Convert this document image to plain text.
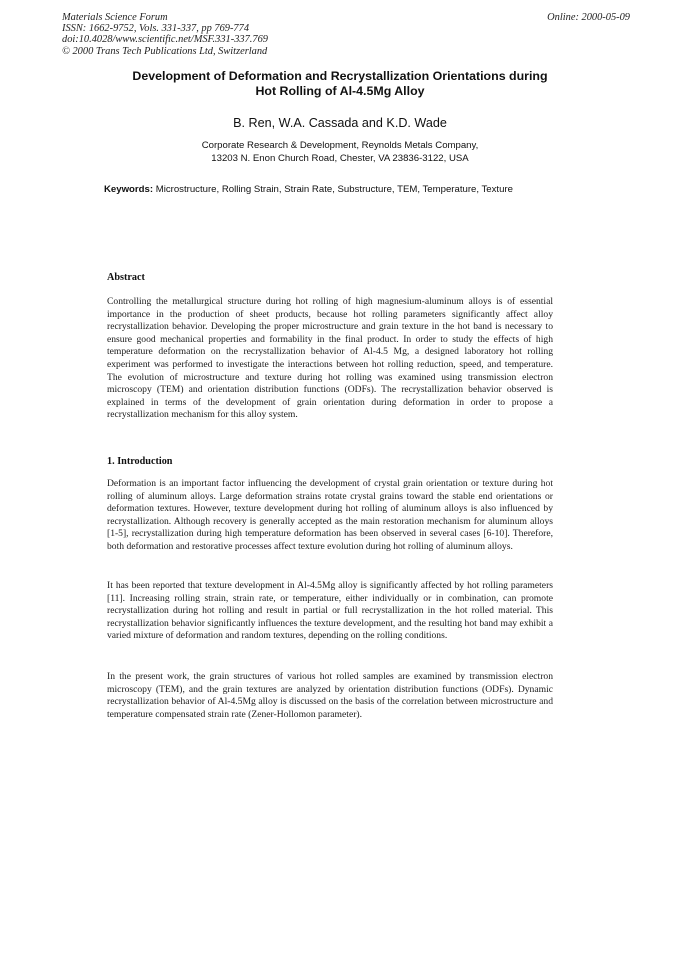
Materials Science Forum
ISSN: 1662-9752, Vols. 331-337, pp 769-774
doi:10.4028/www.scientific.net/MSF.331-337.769
© 2000 Trans Tech Publications Ltd, Switzerland
Online: 2000-05-09
Development of Deformation and Recrystallization Orientations during
Hot Rolling of Al-4.5Mg Alloy
B. Ren, W.A. Cassada and K.D. Wade
Corporate Research & Development, Reynolds Metals Company,
13203 N. Enon Church Road, Chester, VA 23836-3122, USA
Keywords: Microstructure, Rolling Strain, Strain Rate, Substructure, TEM, Temperature, Texture
Abstract
Controlling the metallurgical structure during hot rolling of high magnesium-aluminum alloys is of essential importance in the production of sheet products, because hot rolling parameters significantly affect alloy recrystallization behavior. Developing the proper microstructure and grain texture in the hot band is necessary to ensure good mechanical properties and formability in the final product. In order to study the effects of high temperature deformation on the recrystallization behavior of Al-4.5 Mg, a designed laboratory hot rolling experiment was performed to investigate the interactions between hot rolling reduction, speed, and temperature. The evolution of microstructure and texture during hot rolling was examined using transmission electron microscopy (TEM) and orientation distribution functions (ODFs). The recrystallization behavior observed is explained in terms of the development of grain orientation during deformation in order to propose a recrystallization mechanism for this alloy system.
1. Introduction
Deformation is an important factor influencing the development of crystal grain orientation or texture during hot rolling of aluminum alloys. Large deformation strains rotate crystal grains toward the stable end orientations or deformation textures. However, texture development during hot rolling of aluminum alloys is also influenced by recrystallization. Although recovery is generally accepted as the main restoration mechanism for aluminum alloys [1-5], recrystallization during high temperature deformation has been observed in several cases [6-10]. Therefore, both deformation and restorative processes affect texture evolution during hot rolling of aluminum alloys.
It has been reported that texture development in Al-4.5Mg alloy is significantly affected by hot rolling parameters [11]. Increasing rolling strain, strain rate, or temperature, either individually or in combination, can promote recrystallization during hot rolling and result in partial or full recrystallization in the hot rolled material. This recrystallization behavior significantly influences the texture development, and the resulting hot band may exhibit a varied mixture of deformation and random textures, depending on the rolling conditions.
In the present work, the grain structures of various hot rolled samples are examined by transmission electron microscopy (TEM), and the grain textures are analyzed by orientation distribution functions (ODFs). Dynamic recrystallization behavior of Al-4.5Mg alloy is discussed on the basis of the correlation between microstructure and temperature compensated strain rate (Zener-Hollomon parameter).
